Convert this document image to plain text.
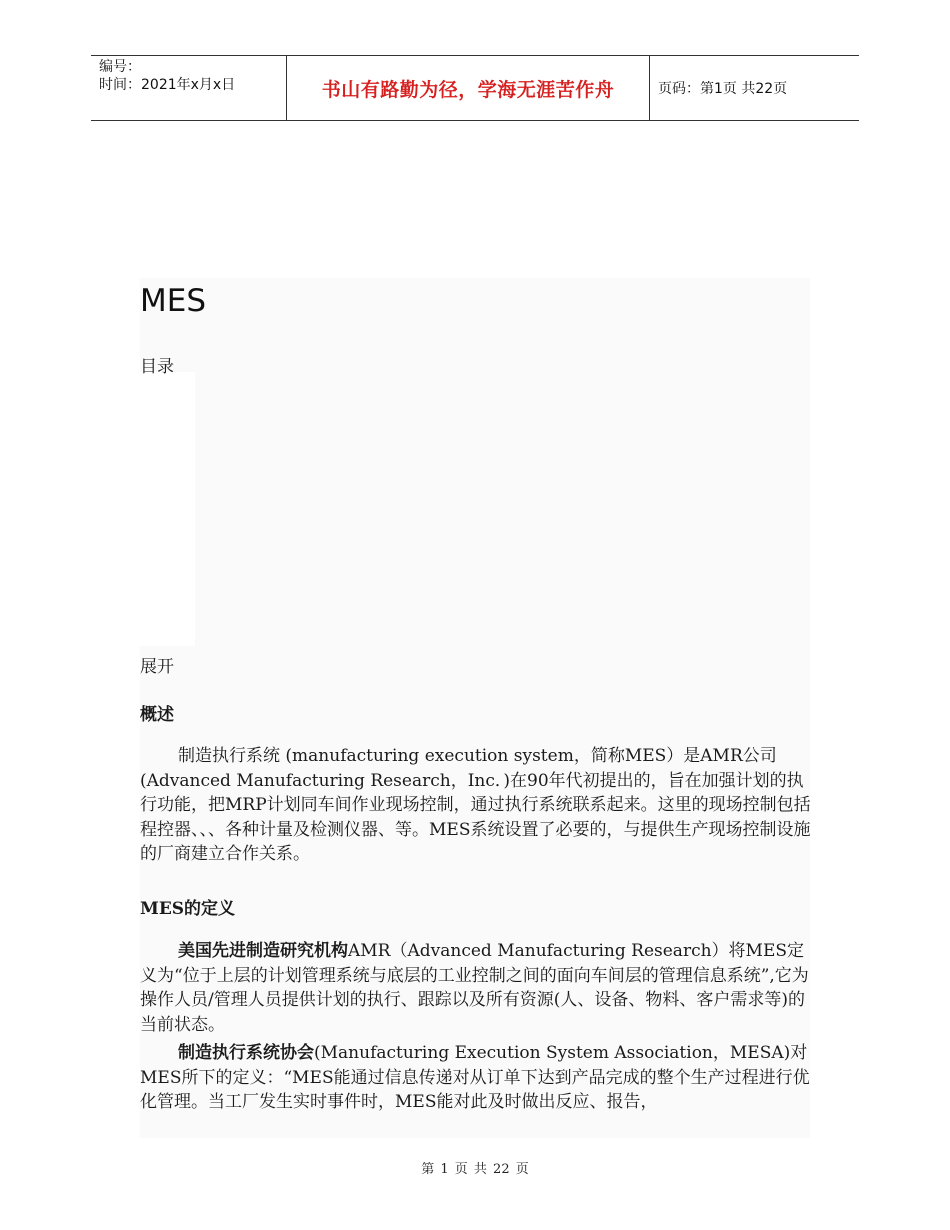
编号：
时间：2021年x月x日	书山有路勤为径，学海无涯苦作舟	页码：第1页 共22页
MES
目录
展开
概述

制造执行系统 (manufacturing execution system，简称MES）是AMR公司(Advanced Manufacturing Research，Inc．)在90年代初提出的，旨在加强计划的执行功能，把MRP计划同车间作业现场控制，通过执行系统联系起来。这里的现场控制包括程控器、、、各种计量及检测仪器、等。MES系统设置了必要的，与提供生产现场控制设施的厂商建立合作关系。

MES的定义

美国先进制造研究机构AMR（Advanced Manufacturing Research）将MES定义为“位于上层的计划管理系统与底层的工业控制之间的面向车间层的管理信息系统”,它为操作人员/管理人员提供计划的执行、跟踪以及所有资源(人、设备、物料、客户需求等)的当前状态。

制造执行系统协会(Manufacturing Execution System Association，MESA)对MES所下的定义：“MES能通过信息传递对从订单下达到产品完成的整个生产过程进行优化管理。当工厂发生实时事件时，MES能对此及时做出反应、报告，

第 1 页 共 22 页
